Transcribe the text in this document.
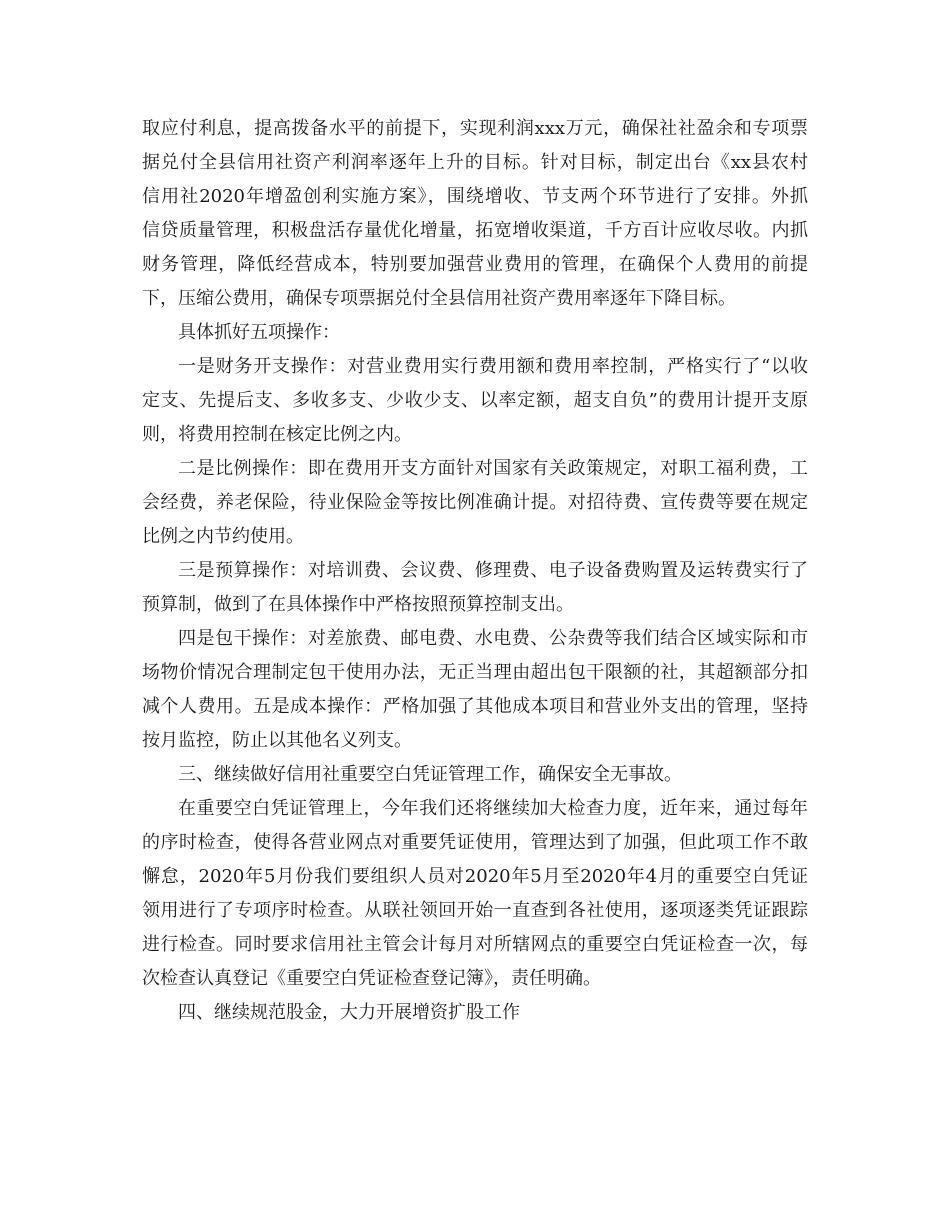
取应付利息，提高拨备水平的前提下，实现利润xxx万元，确保社社盈余和专项票
据兑付全县信用社资产利润率逐年上升的目标。针对目标，制定出台《xx县农村
信用社2020年增盈创利实施方案》，围绕增收、节支两个环节进行了安排。外抓
信贷质量管理，积极盘活存量优化增量，拓宽增收渠道，千方百计应收尽收。内抓
财务管理，降低经营成本，特别要加强营业费用的管理，在确保个人费用的前提
下，压缩公费用，确保专项票据兑付全县信用社资产费用率逐年下降目标。
具体抓好五项操作：
一是财务开支操作：对营业费用实行费用额和费用率控制，严格实行了“以收
定支、先提后支、多收多支、少收少支、以率定额，超支自负”的费用计提开支原
则，将费用控制在核定比例之内。
二是比例操作：即在费用开支方面针对国家有关政策规定，对职工福利费，工
会经费，养老保险，待业保险金等按比例准确计提。对招待费、宣传费等要在规定
比例之内节约使用。
三是预算操作：对培训费、会议费、修理费、电子设备费购置及运转费实行了
预算制，做到了在具体操作中严格按照预算控制支出。
四是包干操作：对差旅费、邮电费、水电费、公杂费等我们结合区域实际和市
场物价情况合理制定包干使用办法，无正当理由超出包干限额的社，其超额部分扣
减个人费用。五是成本操作：严格加强了其他成本项目和营业外支出的管理，坚持
按月监控，防止以其他名义列支。
三、继续做好信用社重要空白凭证管理工作，确保安全无事故。
在重要空白凭证管理上，今年我们还将继续加大检查力度，近年来，通过每年
的序时检查，使得各营业网点对重要凭证使用，管理达到了加强，但此项工作不敢
懈怠，2020年5月份我们要组织人员对2020年5月至2020年4月的重要空白凭证
领用进行了专项序时检查。从联社领回开始一直查到各社使用，逐项逐类凭证跟踪
进行检查。同时要求信用社主管会计每月对所辖网点的重要空白凭证检查一次，每
次检查认真登记《重要空白凭证检查登记簿》，责任明确。
四、继续规范股金，大力开展增资扩股工作
